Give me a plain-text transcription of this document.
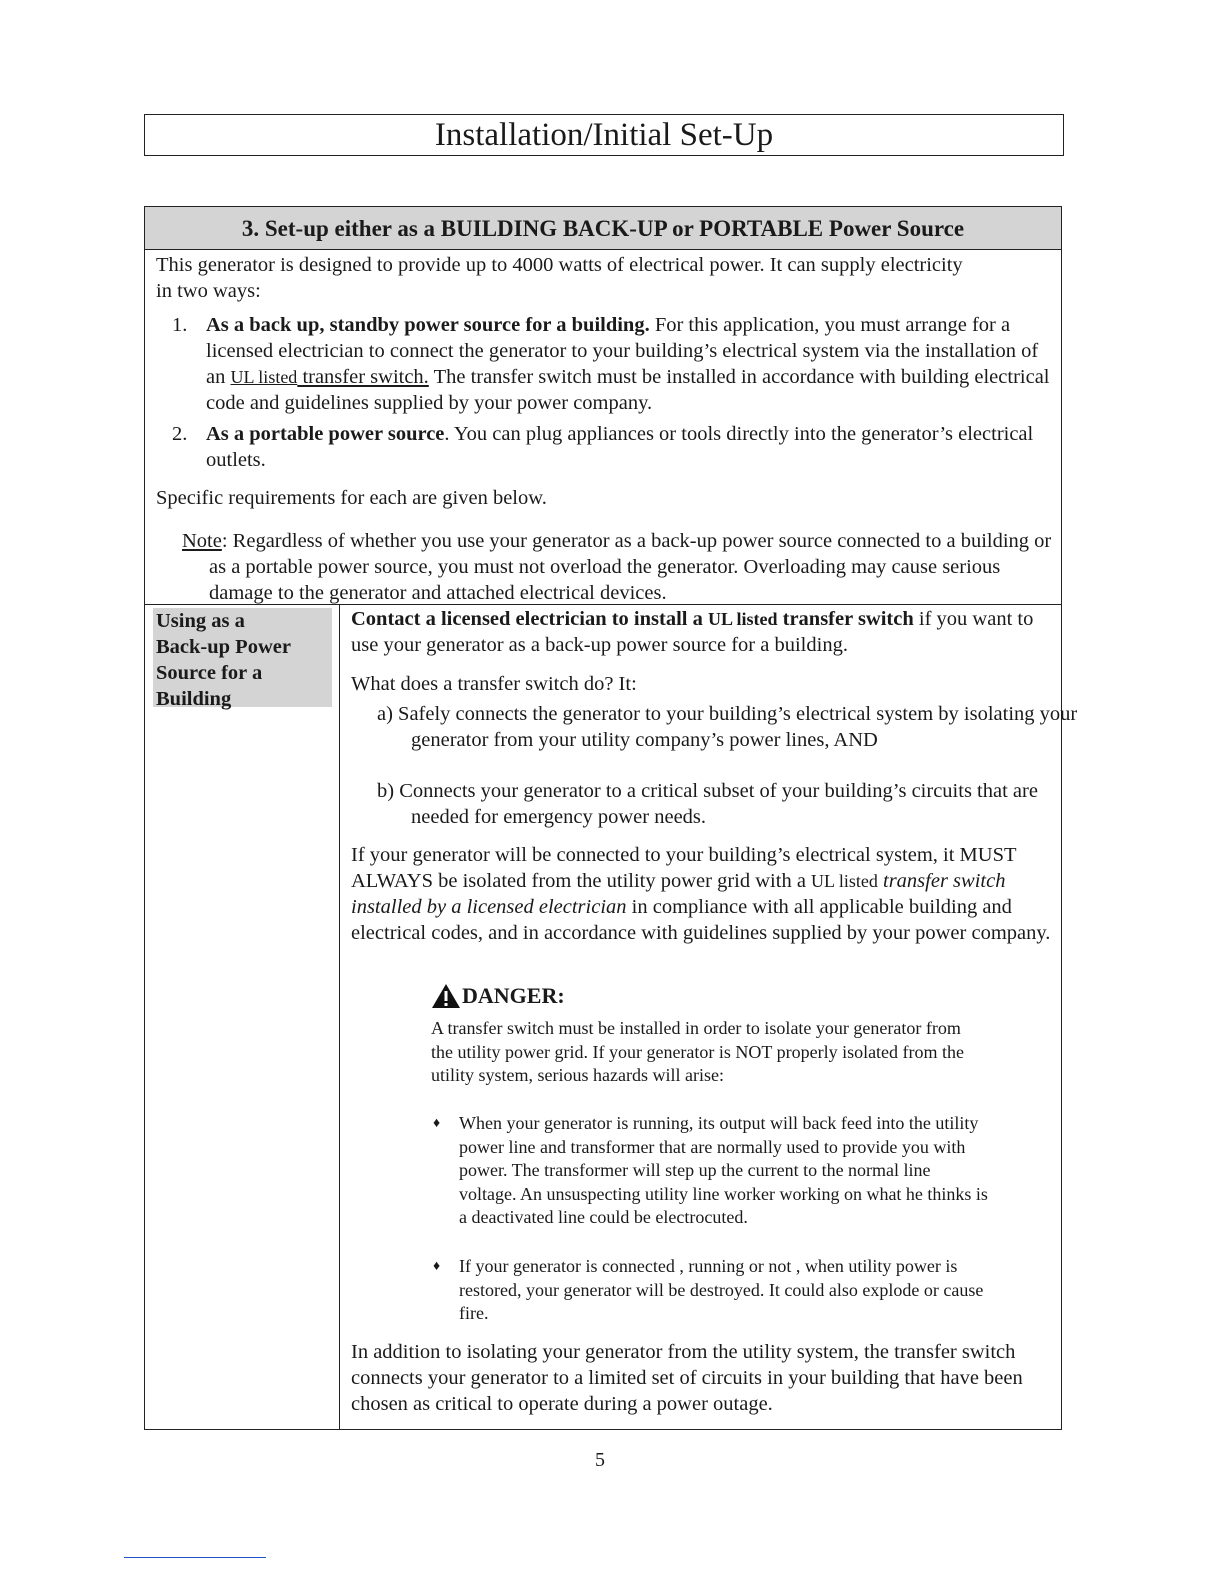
Installation/Initial Set-Up
3. Set-up either as a BUILDING BACK-UP or PORTABLE Power Source

This generator is designed to provide up to 4000 watts of electrical power. It can supply electricity

in two ways:

1. As a back up, standby power source for a building. For this application, you must arrange for a licensed electrician to connect the generator to your building’s electrical system via the installation of an UL listed transfer switch. The transfer switch must be installed in accordance with building electrical code and guidelines supplied by your power company.
2. As a portable power source. You can plug appliances or tools directly into the generator’s electrical outlets.
Specific requirements for each are given below.
Note: Regardless of whether you use your generator as a back-up power source connected to a building or as a portable power source, you must not overload the generator. Overloading may cause serious damage to the generator and attached electrical devices.
Using as a
Back-up Power
Source for a
Building
Contact a licensed electrician to install a UL listed transfer switch if you want to use your generator as a back-up power source for a building.
What does a transfer switch do? It:
a) Safely connects the generator to your building’s electrical system by isolating your generator from your utility company’s power lines, AND
b) Connects your generator to a critical subset of your building’s circuits that are needed for emergency power needs.
If your generator will be connected to your building’s electrical system, it MUST ALWAYS be isolated from the utility power grid with a UL listed transfer switch installed by a licensed electrician in compliance with all applicable building and electrical codes, and in accordance with guidelines supplied by your power company.
DANGER:
A transfer switch must be installed in order to isolate your generator from the utility power grid. If your generator is NOT properly isolated from the utility system, serious hazards will arise:
♦ When your generator is running, its output will back feed into the utility power line and transformer that are normally used to provide you with power. The transformer will step up the current to the normal line voltage. An unsuspecting utility line worker working on what he thinks is a deactivated line could be electrocuted.
♦ If your generator is connected , running or not , when utility power is restored, your generator will be destroyed. It could also explode or cause fire.
In addition to isolating your generator from the utility system, the transfer switch connects your generator to a limited set of circuits in your building that have been chosen as critical to operate during a power outage.
5
